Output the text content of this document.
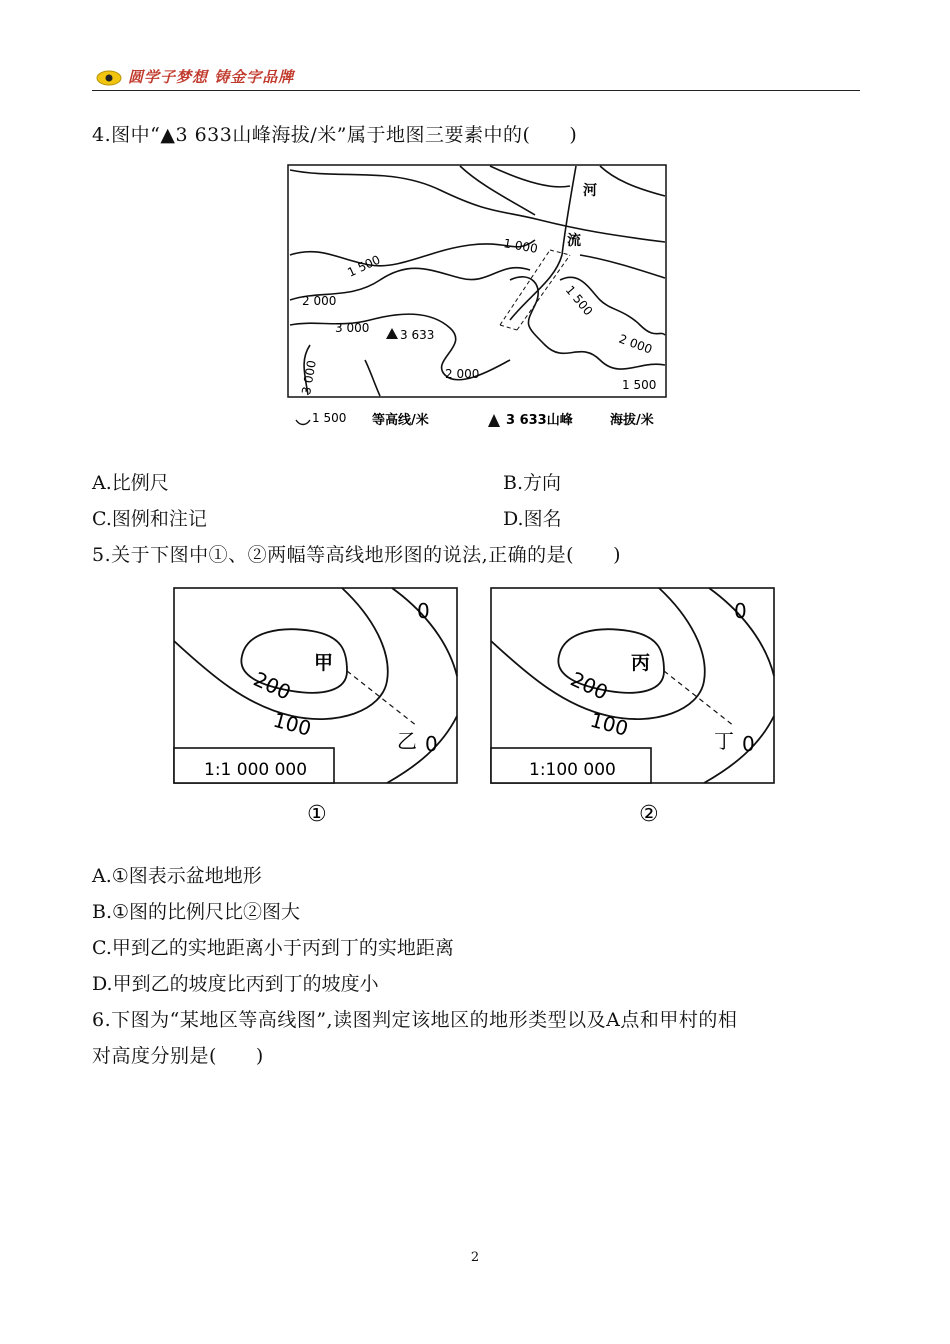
圆学子梦想 铸金字品牌
4.图中“▲3 633山峰海拔/米”属于地图三要素中的(　　)
河
流
1 000
1 500
1 500
2 000
2 000
2 000
3 000
3 000	1 500
3 633
1 500 等高线/米	3 633山峰	海拔/米
A.比例尺	B.方向
C.图例和注记	D.图名
5.关于下图中①、②两幅等高线地形图的说法,正确的是(　　)
0
200
100
0
甲
乙
1:1 000 000
①
0
200
100
0
丙
丁
1:100 000
②
A.①图表示盆地地形
B.①图的比例尺比②图大
C.甲到乙的实地距离小于丙到丁的实地距离
D.甲到乙的坡度比丙到丁的坡度小
6.下图为“某地区等高线图”,读图判定该地区的地形类型以及A点和甲村的相
对高度分别是(　　)
2
